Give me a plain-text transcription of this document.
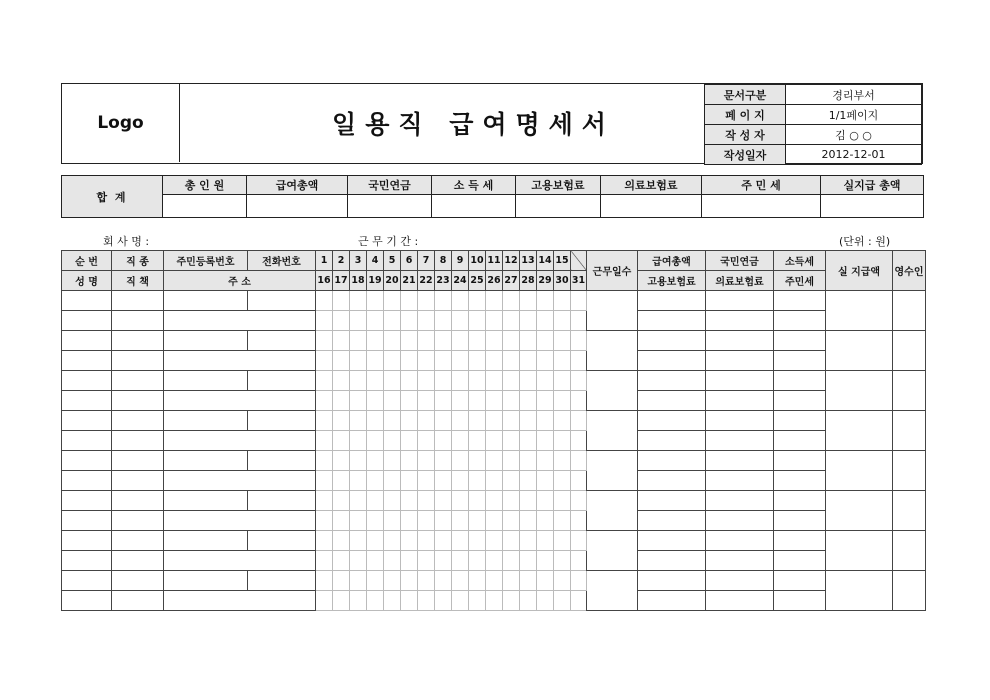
Logo	일용직 급여명세서
문서구분	경리부서
페 이 지	1/1페이지
작 성 자	김 ○ ○
작성일자	2012-12-01
합 계	총 인 원	급여총액	국민연금	소 득 세	고용보험료	의료보험료	주 민 세	실지급 총액

회 사 명 :	근 무 기 간 :	(단위 : 원)
순 번	직 종	주민등록번호	전화번호	1	2	3	4	5	6	7	8	9	10	11	12	13	14	15		근무일수	급여총액	국민연금	소득세	실 지급액	영수인
성 명	직 책	주 소		16	17	18	19	20	21	22	23	24	25	26	27	28	29	30	31		고용보험료	의료보험료	주민세		
